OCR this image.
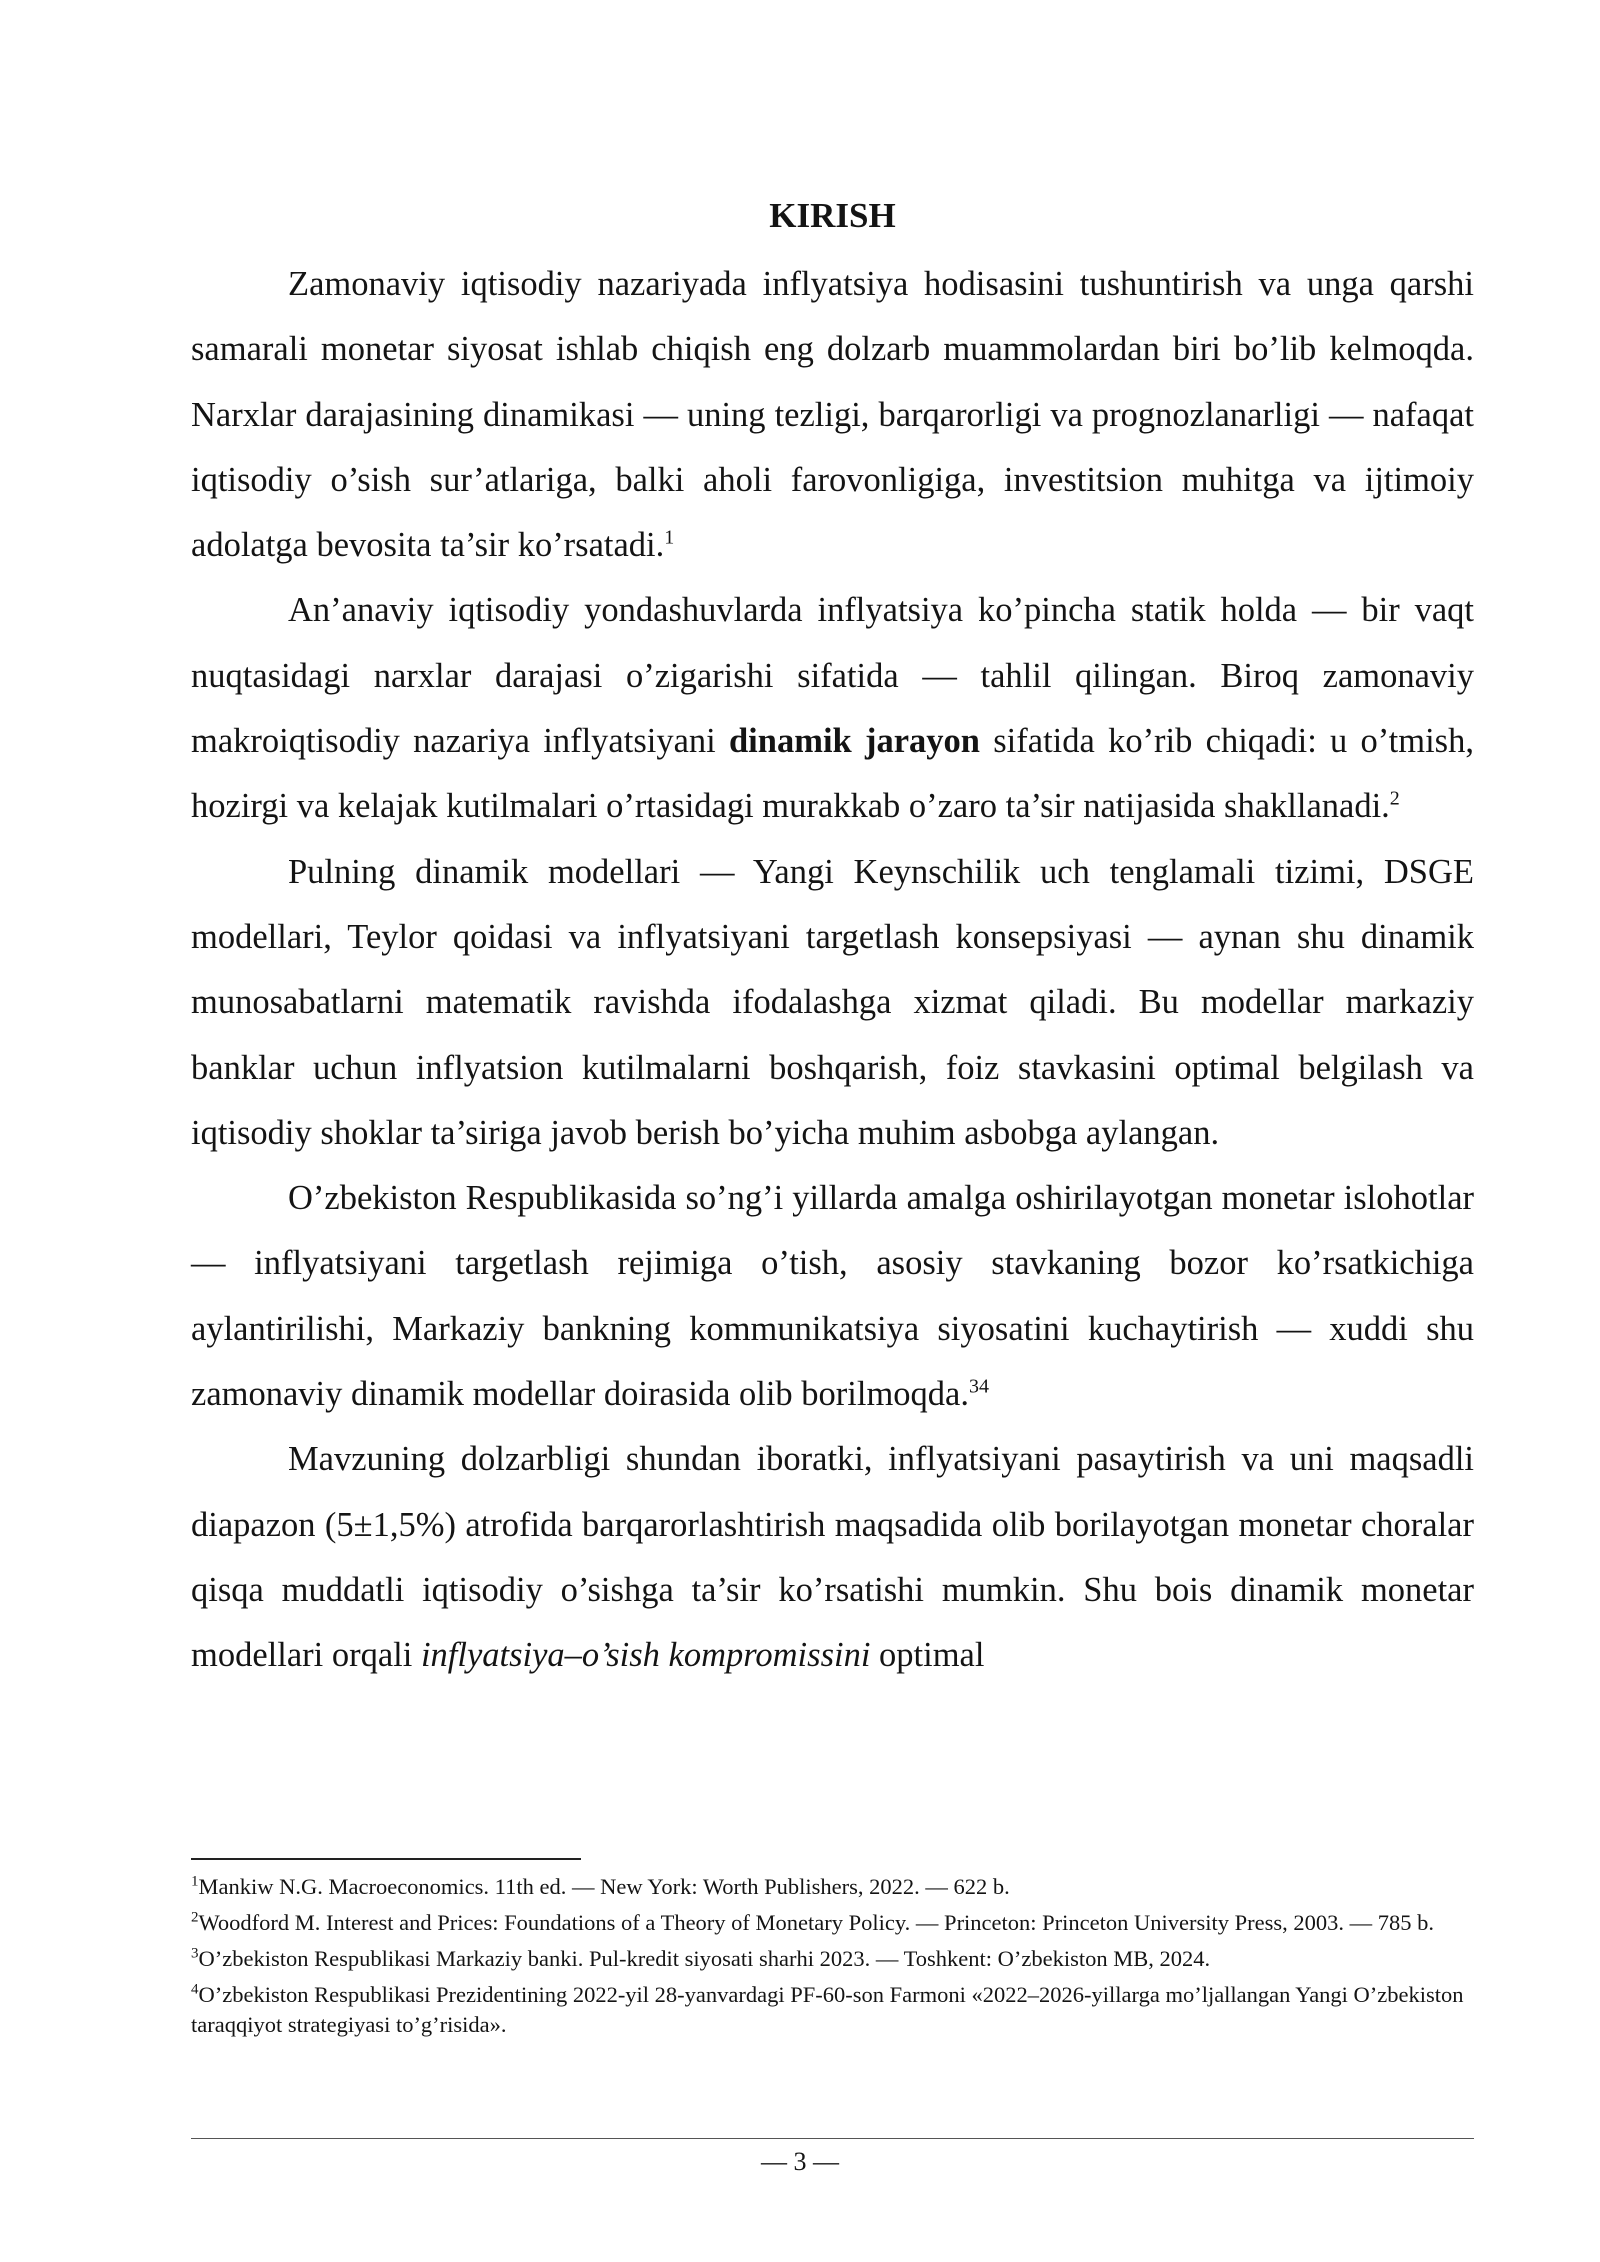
KIRISH

Zamonaviy iqtisodiy nazariyada inflyatsiya hodisasini tushuntirish va unga qarshi samarali monetar siyosat ishlab chiqish eng dolzarb muammolardan biri bo’lib kelmoqda. Narxlar darajasining dinamikasi — uning tezligi, barqarorligi va prognozlanarligi — nafaqat iqtisodiy o’sish sur’atlariga, balki aholi farovonligiga, investitsion muhitga va ijtimoiy adolatga bevosita ta’sir ko’rsatadi.$^1$

An’anaviy iqtisodiy yondashuvlarda inflyatsiya ko’pincha statik holda — bir vaqt nuqtasidagi narxlar darajasi o’zigarishi sifatida — tahlil qilingan. Biroq zamonaviy makroiqtisodiy nazariya inflyatsiyani dinamik jarayon sifatida ko’rib chiqadi: u o’tmish, hozirgi va kelajak kutilmalari o’rtasidagi murakkab o’zaro ta’sir natijasida shakllanadi.$^2$

Pulning dinamik modellari — Yangi Keynschilik uch tenglamali tizimi, DSGE modellari, Teylor qoidasi va inflyatsiyani targetlash konsepsiyasi — aynan shu dinamik munosabatlarni matematik ravishda ifodalashga xizmat qiladi. Bu modellar markaziy banklar uchun inflyatsion kutilmalarni boshqarish, foiz stavkasini optimal belgilash va iqtisodiy shoklar ta’siriga javob berish bo’yicha muhim asbobga aylangan.

O’zbekiston Respublikasida so’ng’i yillarda amalga oshirilayotgan monetar islohotlar — inflyatsiyani targetlash rejimiga o’tish, asosiy stavkaning bozor ko’rsatkichiga aylantirilishi, Markaziy bankning kommunikatsiya siyosatini kuchaytirish — xuddi shu zamonaviy dinamik modellar doirasida olib borilmoqda.$^{34}$

Mavzuning dolzarbligi shundan iboratki, inflyatsiyani pasaytirish va uni maqsadli diapazon (5±1,5%) atrofida barqarorlashtirish maqsadida olib borilayotgan monetar choralar qisqa muddatli iqtisodiy o’sishga ta’sir ko’rsatishi mumkin. Shu bois dinamik monetar modellari orqali inflyatsiya–o’sish kompromissini optimal

$^1$Mankiw N.G. Macroeconomics. 11th ed. — New York: Worth Publishers, 2022. — 622 b.

$^2$Woodford M. Interest and Prices: Foundations of a Theory of Monetary Policy. — Princeton: Princeton University Press, 2003. — 785 b.

$^3$O’zbekiston Respublikasi Markaziy banki. Pul-kredit siyosati sharhi 2023. — Toshkent: O’zbekiston MB, 2024.

$^4$O’zbekiston Respublikasi Prezidentining 2022-yil 28-yanvardagi PF-60-son Farmoni «2022–2026-yillarga mo’ljallangan Yangi O’zbekiston taraqqiyot strategiyasi to’g’risida».

— 3 —
